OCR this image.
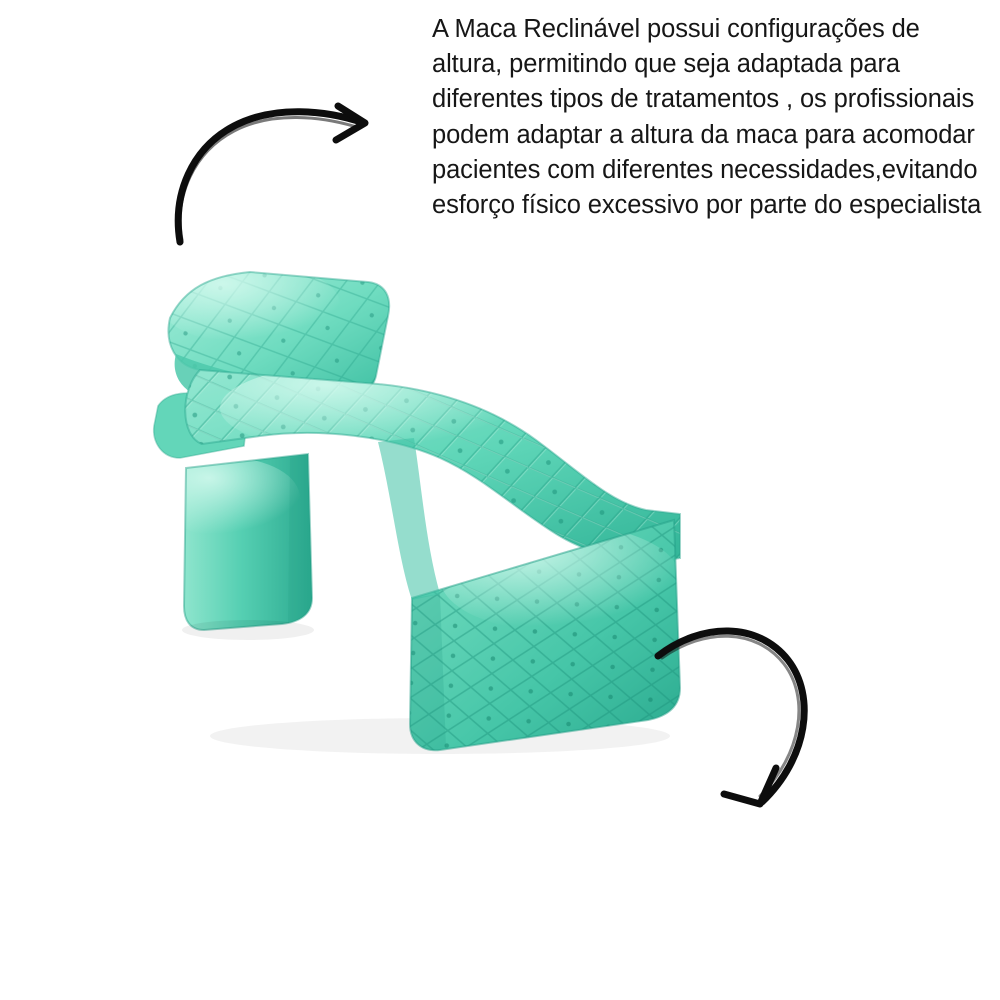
A Maca Reclinável possui configurações de altura, permitindo que seja adaptada para diferentes tipos de tratamentos , os profissionais podem adaptar a altura da maca para acomodar pacientes com diferentes necessidades,evitando esforço físico excessivo por parte do especialista
